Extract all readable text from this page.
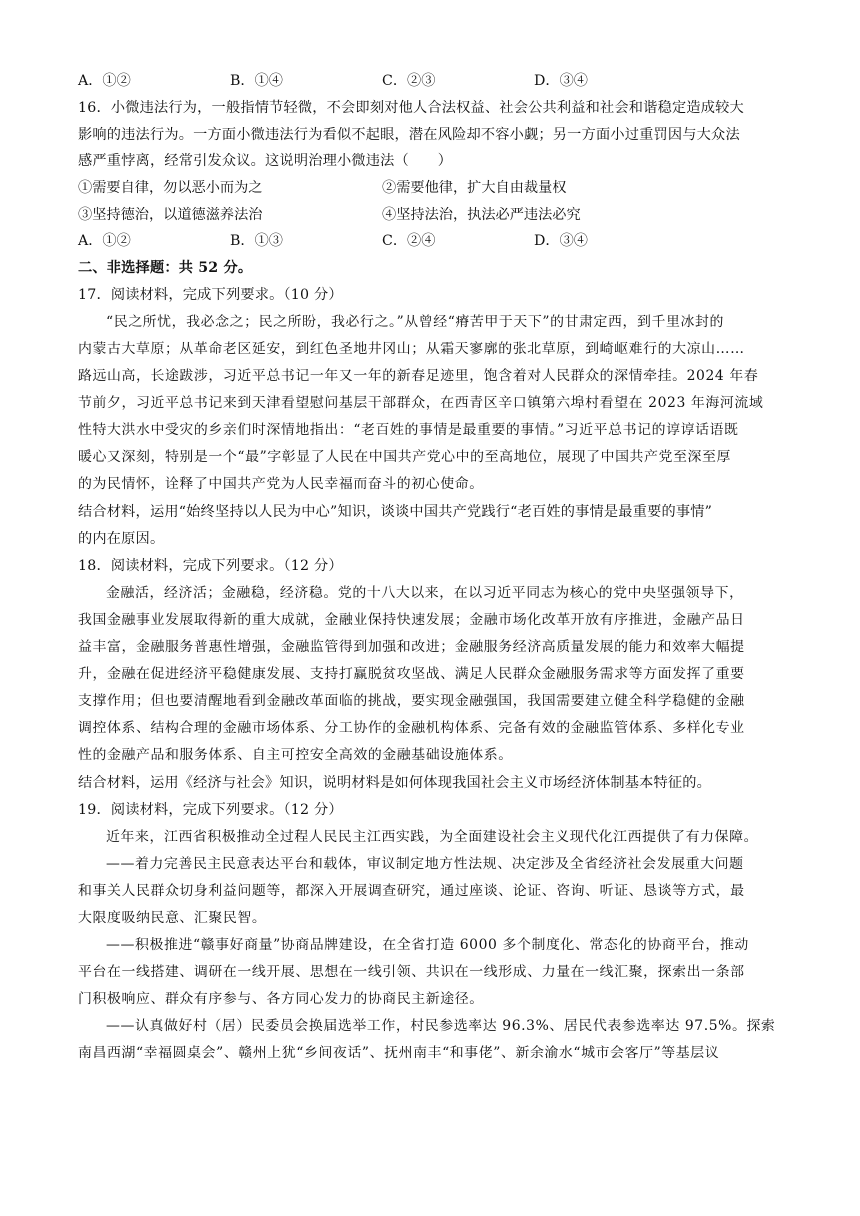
A．①②	B．①④	C．②③	D．③④
16．小微违法行为，一般指情节轻微，不会即刻对他人合法权益、社会公共利益和社会和谐稳定造成较大
影响的违法行为。一方面小微违法行为看似不起眼，潜在风险却不容小觑；另一方面小过重罚因与大众法
感严重悖离，经常引发众议。这说明治理小微违法（　　）
①需要自律，勿以恶小而为之	②需要他律，扩大自由裁量权
③坚持德治，以道德滋养法治	④坚持法治，执法必严违法必究
A．①②	B．①③	C．②④	D．③④
二、非选择题：共 52 分。
17．阅读材料，完成下列要求。（10 分）
“民之所忧，我必念之；民之所盼，我必行之。”从曾经“瘠苦甲于天下”的甘肃定西，到千里冰封的
内蒙古大草原；从革命老区延安，到红色圣地井冈山；从霜天寥廓的张北草原，到崎岖难行的大凉山……
路远山高，长途跋涉，习近平总书记一年又一年的新春足迹里，饱含着对人民群众的深情牵挂。2024 年春
节前夕，习近平总书记来到天津看望慰问基层干部群众，在西青区辛口镇第六埠村看望在 2023 年海河流域
性特大洪水中受灾的乡亲们时深情地指出：“老百姓的事情是最重要的事情。”习近平总书记的谆谆话语既
暖心又深刻，特别是一个“最”字彰显了人民在中国共产党心中的至高地位，展现了中国共产党至深至厚
的为民情怀，诠释了中国共产党为人民幸福而奋斗的初心使命。
结合材料，运用“始终坚持以人民为中心”知识，谈谈中国共产党践行“老百姓的事情是最重要的事情”
的内在原因。
18．阅读材料，完成下列要求。（12 分）
金融活，经济活；金融稳，经济稳。党的十八大以来，在以习近平同志为核心的党中央坚强领导下，
我国金融事业发展取得新的重大成就，金融业保持快速发展；金融市场化改革开放有序推进，金融产品日
益丰富，金融服务普惠性增强，金融监管得到加强和改进；金融服务经济高质量发展的能力和效率大幅提
升，金融在促进经济平稳健康发展、支持打赢脱贫攻坚战、满足人民群众金融服务需求等方面发挥了重要
支撑作用；但也要清醒地看到金融改革面临的挑战，要实现金融强国，我国需要建立健全科学稳健的金融
调控体系、结构合理的金融市场体系、分工协作的金融机构体系、完备有效的金融监管体系、多样化专业
性的金融产品和服务体系、自主可控安全高效的金融基础设施体系。
结合材料，运用《经济与社会》知识，说明材料是如何体现我国社会主义市场经济体制基本特征的。
19．阅读材料，完成下列要求。（12 分）
近年来，江西省积极推动全过程人民民主江西实践，为全面建设社会主义现代化江西提供了有力保障。
——着力完善民主民意表达平台和载体，审议制定地方性法规、决定涉及全省经济社会发展重大问题
和事关人民群众切身利益问题等，都深入开展调查研究，通过座谈、论证、咨询、听证、恳谈等方式，最
大限度吸纳民意、汇聚民智。
——积极推进“赣事好商量”协商品牌建设，在全省打造 6000 多个制度化、常态化的协商平台，推动
平台在一线搭建、调研在一线开展、思想在一线引领、共识在一线形成、力量在一线汇聚，探索出一条部
门积极响应、群众有序参与、各方同心发力的协商民主新途径。
——认真做好村（居）民委员会换届选举工作，村民参选率达 96.3%、居民代表参选率达 97.5%。探索
南昌西湖“幸福圆桌会”、赣州上犹“乡间夜话”、抚州南丰“和事佬”、新余渝水“城市会客厅”等基层议
